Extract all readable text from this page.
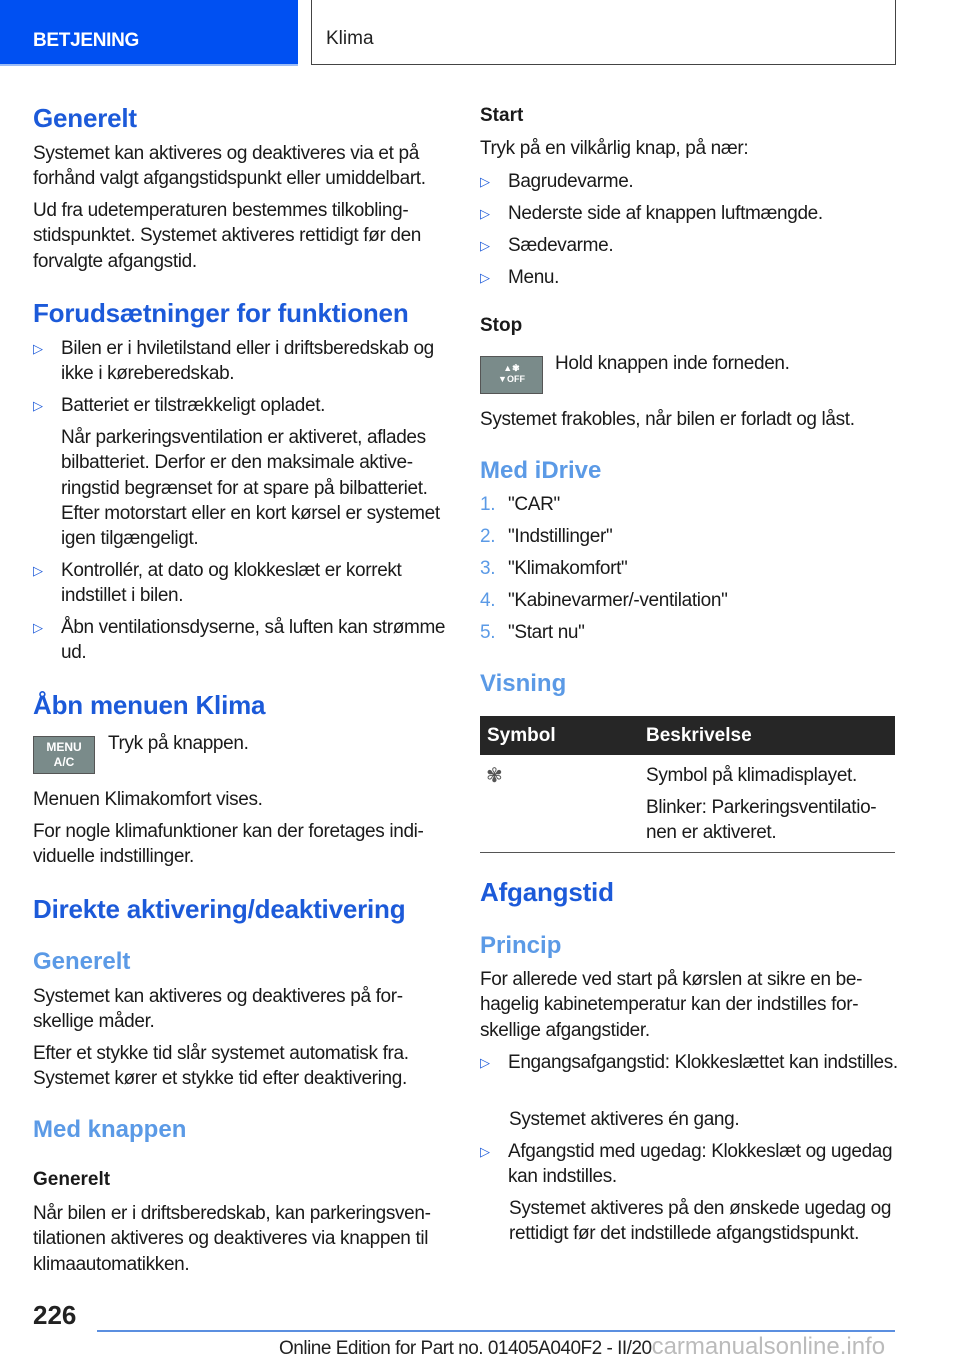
BETJENING	Klima
Generelt
Systemet kan aktiveres og deaktiveres via et på forhånd valgt afgangstidspunkt eller umiddelbart.
Ud fra udetemperaturen bestemmes tilkoblingstidspunktet. Systemet aktiveres rettidigt før den forvalgte afgangstid.
Forudsætninger for funktionen
▷ Bilen er i hviletilstand eller i driftsberedskab og ikke i køreberedskab.
▷ Batteriet er tilstrækkeligt opladet.
Når parkeringsventilation er aktiveret, aflades bilbatteriet. Derfor er den maksimale aktiveringstid begrænset for at spare på bilbatteriet. Efter motorstart eller en kort kørsel er systemet igen tilgængeligt.
▷ Kontrollér, at dato og klokkeslæt er korrekt indstillet i bilen.
▷ Åbn ventilationsdyserne, så luften kan strømme ud.
Åbn menuen Klima
MENU
A/C
Tryk på knappen.
Menuen Klimakomfort vises.
For nogle klimafunktioner kan der foretages individuelle indstillinger.
Direkte aktivering/deaktivering
Generelt
Systemet kan aktiveres og deaktiveres på forskellige måder.
Efter et stykke tid slår systemet automatisk fra. Systemet kører et stykke tid efter deaktivering.
Med knappen
Generelt
Når bilen er i driftsberedskab, kan parkeringsventilationen aktiveres og deaktiveres via knappen til klimaautomatikken.
Start
Tryk på en vilkårlig knap, på nær:
▷ Bagrudevarme.
▷ Nederste side af knappen luftmængde.
▷ Sædevarme.
▷ Menu.
Stop
▲✾
▼OFF
Hold knappen inde forneden.
Systemet frakobles, når bilen er forladt og låst.
Med iDrive
1. "CAR"
2. "Indstillinger"
3. "Klimakomfort"
4. "Kabinevarmer/-ventilation"
5. "Start nu"
Visning
Symbol	Beskrivelse
✾	Symbol på klimadisplayet.
Blinker: Parkeringsventilationen er aktiveret.
Afgangstid
Princip
For allerede ved start på kørslen at sikre en behagelig kabinetemperatur kan der indstilles forskellige afgangstider.
▷ Engangsafgangstid: Klokkeslættet kan indstilles.
Systemet aktiveres én gang.
▷ Afgangstid med ugedag: Klokkeslæt og ugedag kan indstilles.
Systemet aktiveres på den ønskede ugedag og rettidigt før det indstillede afgangstidspunkt.
226
Online Edition for Part no. 01405A040F2 - II/20carmanualsonline.info
